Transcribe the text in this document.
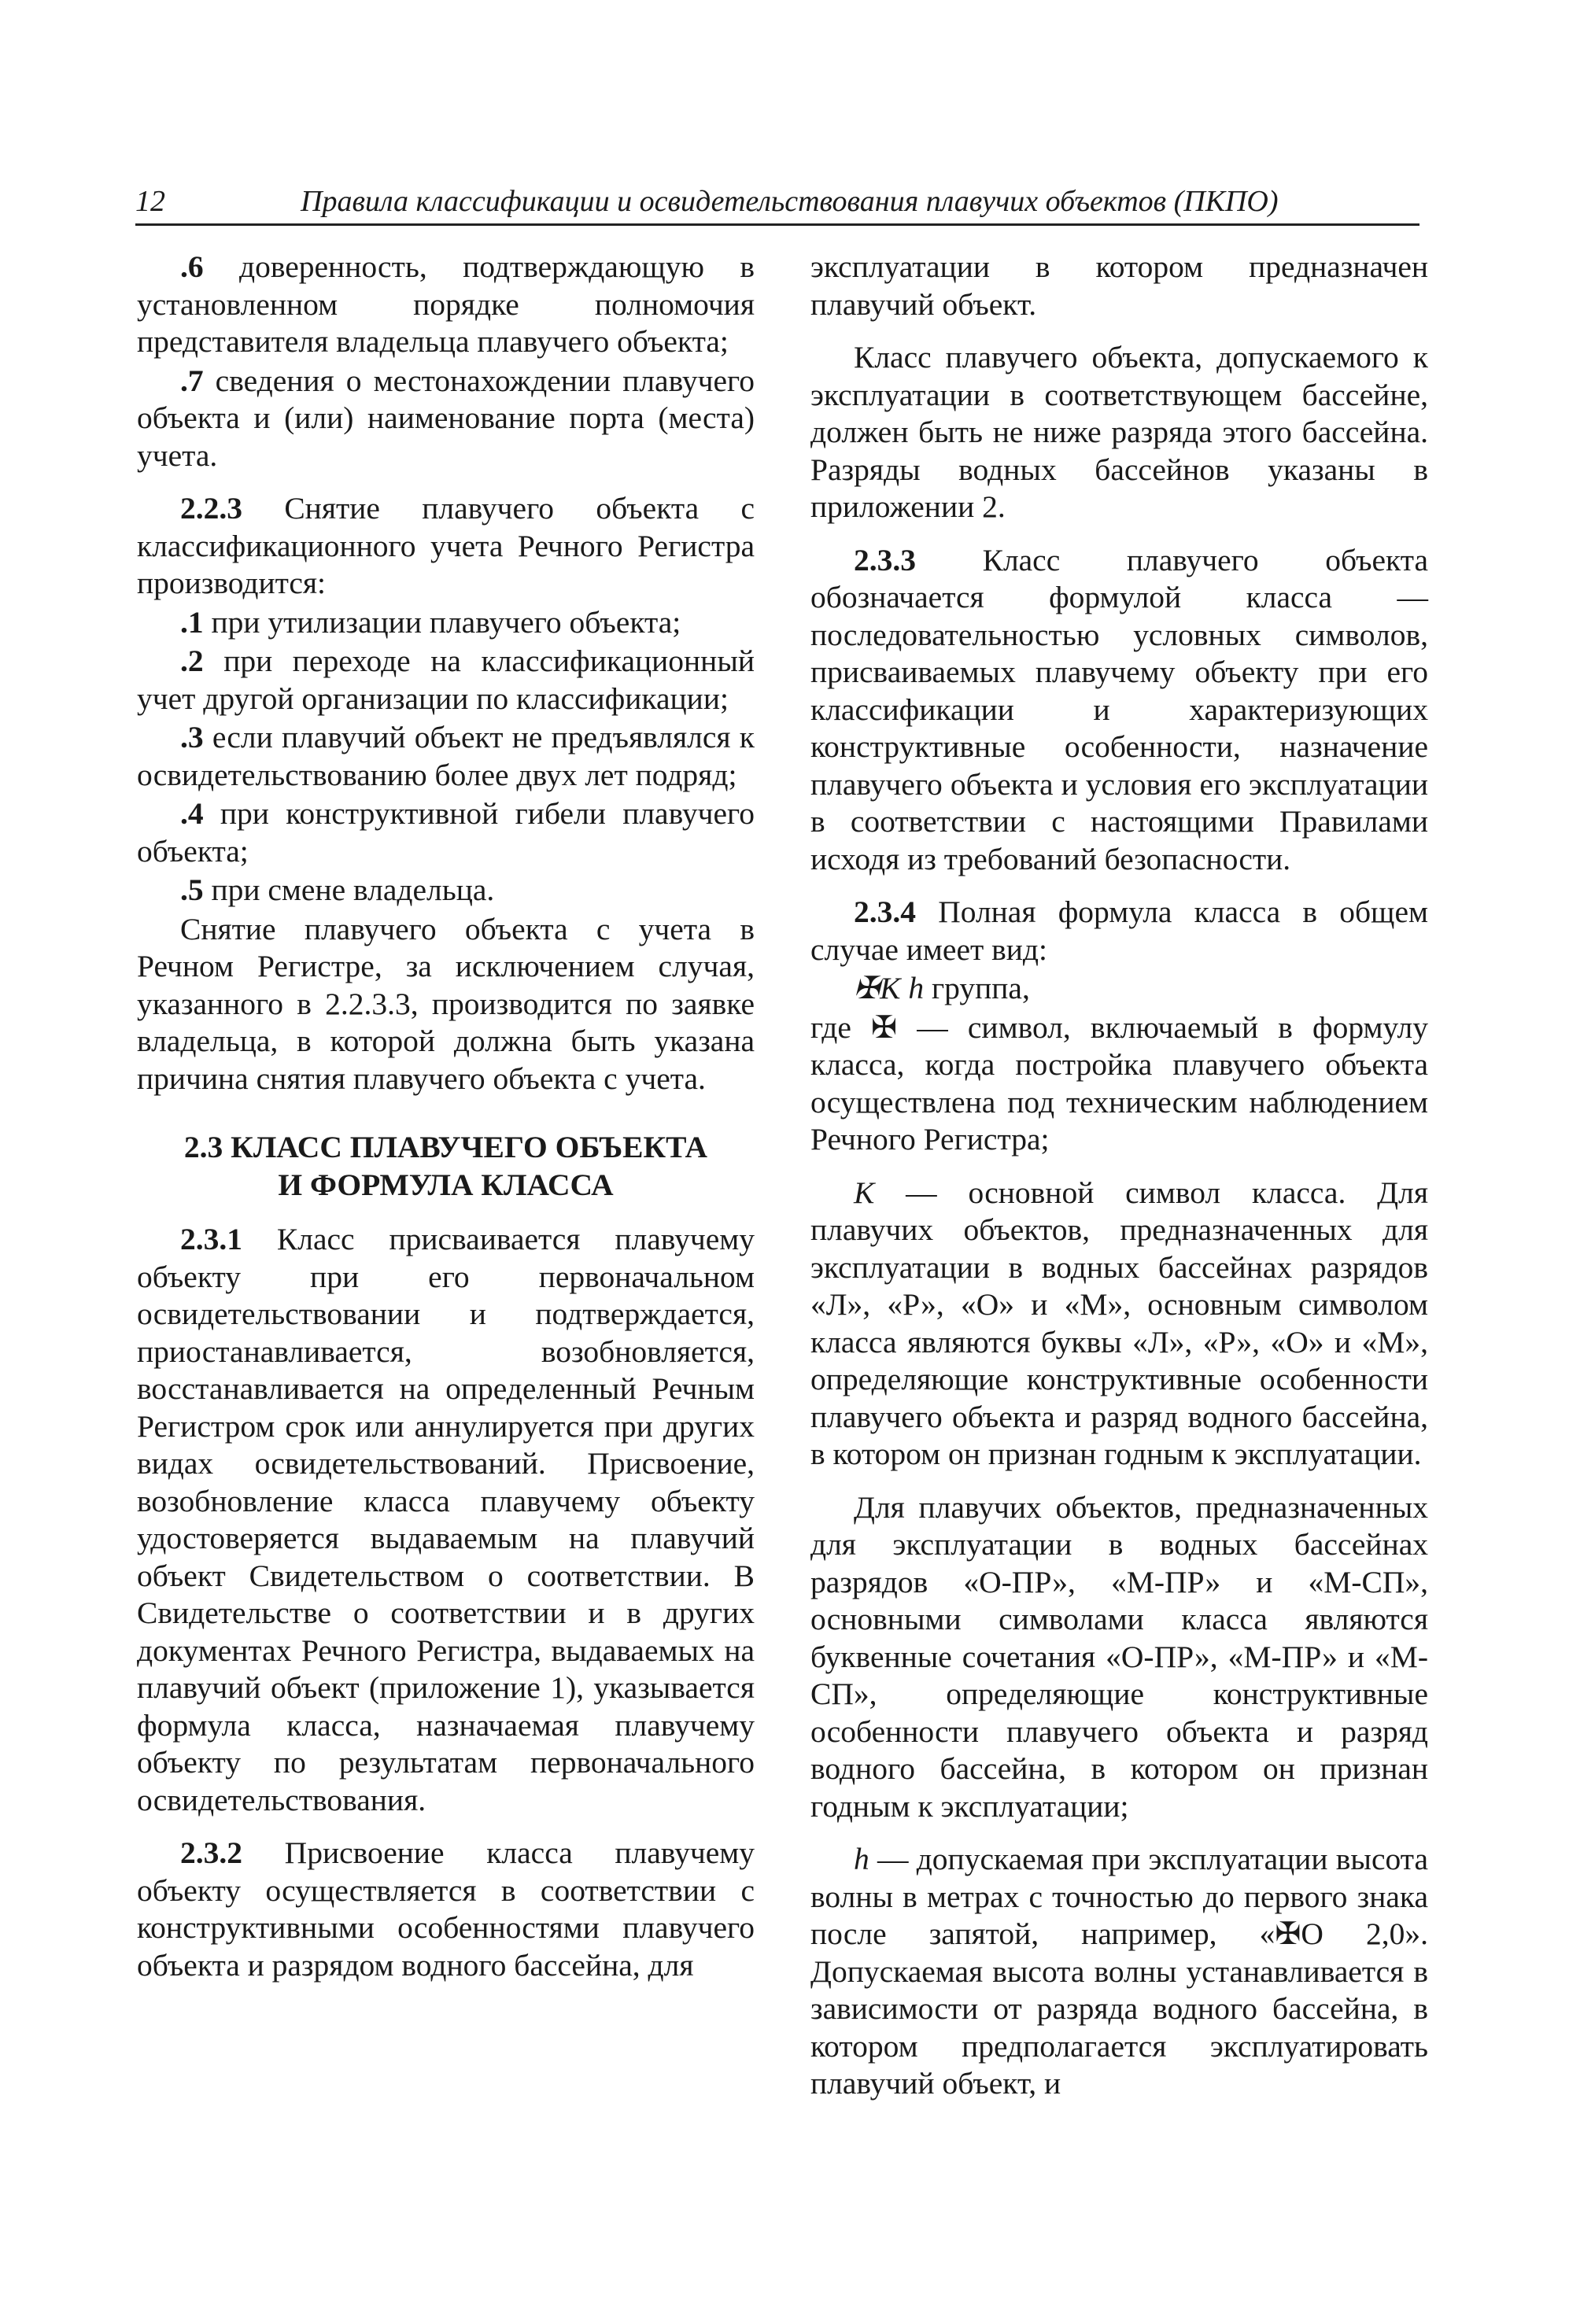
12	Правила классификации и освидетельствования плавучих объектов (ПКПО)

.6 доверенность, подтверждающую в установленном порядке полномочия представителя владельца плавучего объекта;

.7 сведения о местонахождении плавучего объекта и (или) наименование порта (места) учета.

2.2.3 Снятие плавучего объекта с классификационного учета Речного Регистра производится:

.1 при утилизации плавучего объекта;

.2 при переходе на классификационный учет другой организации по классификации;

.3 если плавучий объект не предъявлялся к освидетельствованию более двух лет подряд;

.4 при конструктивной гибели плавучего объекта;

.5 при смене владельца.

Снятие плавучего объекта с учета в Речном Регистре, за исключением случая, указанного в 2.2.3.3, производится по заявке владельца, в которой должна быть указана причина снятия плавучего объекта с учета.

2.3 КЛАСС ПЛАВУЧЕГО ОБЪЕКТА
И ФОРМУЛА КЛАССА

2.3.1 Класс присваивается плавучему объекту при его первоначальном освидетельствовании и подтверждается, приостанавливается, возобновляется, восстанавливается на определенный Речным Регистром срок или аннулируется при других видах освидетельствований. Присвоение, возобновление класса плавучему объекту удостоверяется выдаваемым на плавучий объект Свидетельством о соответствии. В Свидетельстве о соответствии и в других документах Речного Регистра, выдаваемых на плавучий объект (приложение 1), указывается формула класса, назначаемая плавучему объекту по результатам первоначального освидетельствования.

2.3.2 Присвоение класса плавучему объекту осуществляется в соответствии с конструктивными особенностями плавучего объекта и разрядом водного бассейна, для

эксплуатации в котором предназначен плавучий объект.

Класс плавучего объекта, допускаемого к эксплуатации в соответствующем бассейне, должен быть не ниже разряда этого бассейна. Разряды водных бассейнов указаны в приложении 2.

2.3.3 Класс плавучего объекта обозначается формулой класса — последовательностью условных символов, присваиваемых плавучему объекту при его классификации и характеризующих конструктивные особенности, назначение плавучего объекта и условия его эксплуатации в соответствии с настоящими Правилами исходя из требований безопасности.

2.3.4 Полная формула класса в общем случае имеет вид:

✠K h группа,

где ✠ — символ, включаемый в формулу класса, когда постройка плавучего объекта осуществлена под техническим наблюдением Речного Регистра;

K — основной символ класса. Для плавучих объектов, предназначенных для эксплуатации в водных бассейнах разрядов «Л», «Р», «О» и «М», основным символом класса являются буквы «Л», «Р», «О» и «М», определяющие конструктивные особенности плавучего объекта и разряд водного бассейна, в котором он признан годным к эксплуатации.

Для плавучих объектов, предназначенных для эксплуатации в водных бассейнах разрядов «О-ПР», «М-ПР» и «М-СП», основными символами класса являются буквенные сочетания «О-ПР», «М-ПР» и «М-СП», определяющие конструктивные особенности плавучего объекта и разряд водного бассейна, в котором он признан годным к эксплуатации;

h — допускаемая при эксплуатации высота волны в метрах с точностью до первого знака после запятой, например, «✠О 2,0». Допускаемая высота волны устанавливается в зависимости от разряда водного бассейна, в котором предполагается эксплуатировать плавучий объект, и
